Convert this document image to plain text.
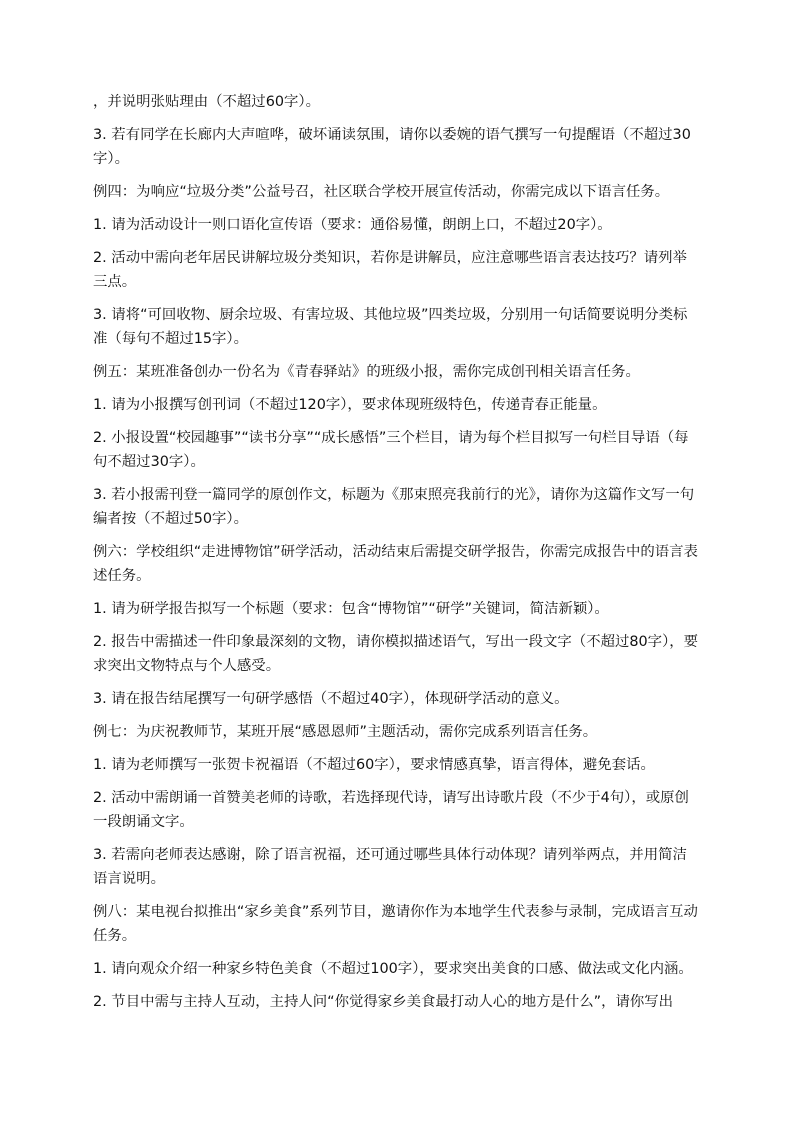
，并说明张贴理由（不超过60字）。

3. 若有同学在长廊内大声喧哗，破坏诵读氛围，请你以委婉的语气撰写一句提醒语（不超过30字）。

例四：为响应“垃圾分类”公益号召，社区联合学校开展宣传活动，你需完成以下语言任务。

1. 请为活动设计一则口语化宣传语（要求：通俗易懂，朗朗上口，不超过20字）。

2. 活动中需向老年居民讲解垃圾分类知识，若你是讲解员，应注意哪些语言表达技巧？请列举三点。

3. 请将“可回收物、厨余垃圾、有害垃圾、其他垃圾”四类垃圾，分别用一句话简要说明分类标准（每句不超过15字）。

例五：某班准备创办一份名为《青春驿站》的班级小报，需你完成创刊相关语言任务。

1. 请为小报撰写创刊词（不超过120字），要求体现班级特色，传递青春正能量。

2. 小报设置“校园趣事”“读书分享”“成长感悟”三个栏目，请为每个栏目拟写一句栏目导语（每句不超过30字）。

3. 若小报需刊登一篇同学的原创作文，标题为《那束照亮我前行的光》，请你为这篇作文写一句编者按（不超过50字）。

例六：学校组织“走进博物馆”研学活动，活动结束后需提交研学报告，你需完成报告中的语言表述任务。

1. 请为研学报告拟写一个标题（要求：包含“博物馆”“研学”关键词，简洁新颖）。

2. 报告中需描述一件印象最深刻的文物，请你模拟描述语气，写出一段文字（不超过80字），要求突出文物特点与个人感受。

3. 请在报告结尾撰写一句研学感悟（不超过40字），体现研学活动的意义。

例七：为庆祝教师节，某班开展“感恩恩师”主题活动，需你完成系列语言任务。

1. 请为老师撰写一张贺卡祝福语（不超过60字），要求情感真挚，语言得体，避免套话。

2. 活动中需朗诵一首赞美老师的诗歌，若选择现代诗，请写出诗歌片段（不少于4句），或原创一段朗诵文字。

3. 若需向老师表达感谢，除了语言祝福，还可通过哪些具体行动体现？请列举两点，并用简洁语言说明。

例八：某电视台拟推出“家乡美食”系列节目，邀请你作为本地学生代表参与录制，完成语言互动任务。

1. 请向观众介绍一种家乡特色美食（不超过100字），要求突出美食的口感、做法或文化内涵。

2. 节目中需与主持人互动，主持人问“你觉得家乡美食最打动人心的地方是什么”，请你写出
